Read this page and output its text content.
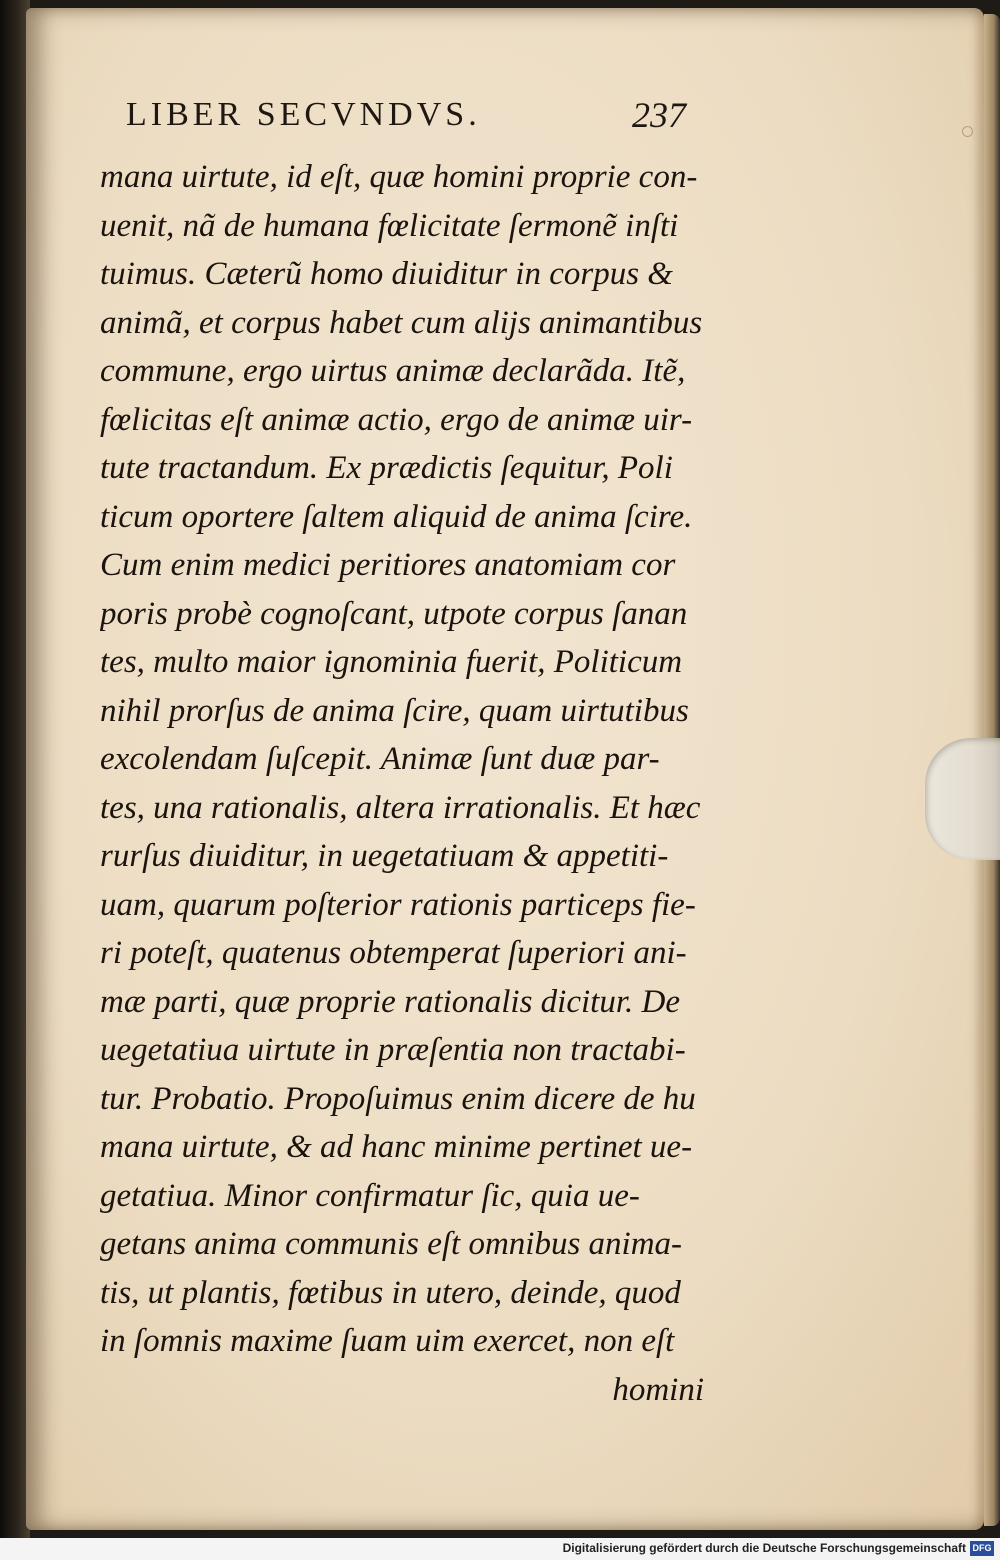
LIBER SECVNDVS.	237
mana uirtute, id eſt, quæ homini proprie con-
uenit, nã de humana fœlicitate ſermonẽ inſti
tuimus. Cæterũ homo diuiditur in corpus &
animã, et corpus habet cum alijs animantibus
commune, ergo uirtus animæ declarãda. Itẽ,
fœlicitas eſt animæ actio, ergo de animæ uir-
tute tractandum. Ex prædictis ſequitur, Poli
ticum oportere ſaltem aliquid de anima ſcire.
Cum enim medici peritiores anatomiam cor
poris probè cognoſcant, utpote corpus ſanan
tes, multo maior ignominia fuerit, Politicum
nihil prorſus de anima ſcire, quam uirtutibus
excolendam ſuſcepit. Animæ ſunt duæ par-
tes, una rationalis, altera irrationalis. Et hæc
rurſus diuiditur, in uegetatiuam & appetiti-
uam, quarum poſterior rationis particeps fie-
ri poteſt, quatenus obtemperat ſuperiori ani-
mæ parti, quæ proprie rationalis dicitur. De
uegetatiua uirtute in præſentia non tractabi-
tur. Probatio. Propoſuimus enim dicere de hu
mana uirtute, & ad hanc minime pertinet ue-
getatiua. Minor confirmatur ſic, quia ue-
getans anima communis eſt omnibus anima-
tis, ut plantis, fœtibus in utero, deinde, quod
in ſomnis maxime ſuam uim exercet, non eſt
homini
Digitalisierung gefördert durch die Deutsche Forschungsgemeinschaft DFG
